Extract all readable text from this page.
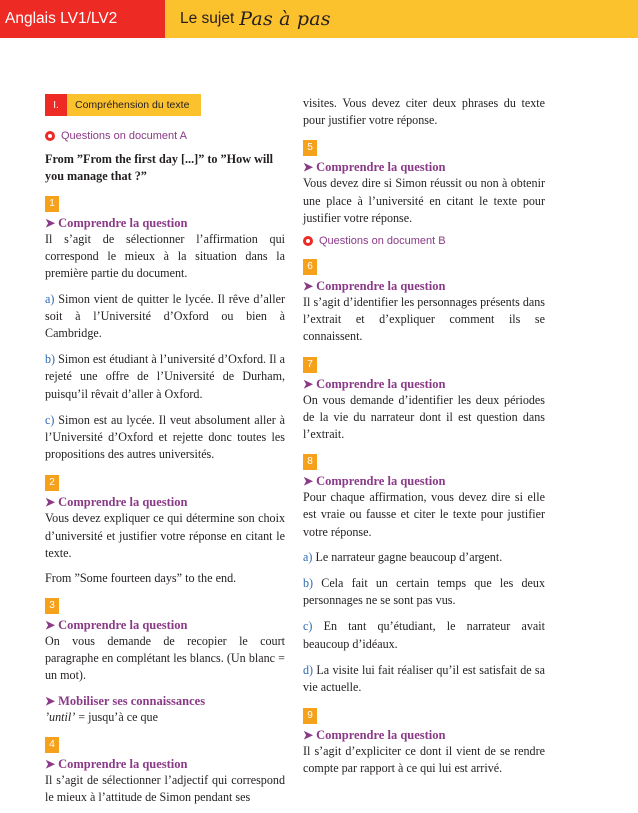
Anglais LV1/LV2	Le sujet Pas à pas
I.	Compréhension du texte
Questions on document A
From ”From the first day [...]” to ”How will you manage that ?”
1
➤ Comprendre la question
Il s’agit de sélectionner l’affirmation qui correspond le mieux à la situation dans la première partie du document.
a) Simon vient de quitter le lycée. Il rêve d’aller soit à l’Université d’Oxford ou bien à Cambridge.
b) Simon est étudiant à l’université d’Oxford. Il a rejeté une offre de l’Université de Durham, puisqu’il rêvait d’aller à Oxford.
c) Simon est au lycée. Il veut absolument aller à l’Université d’Oxford et rejette donc toutes les propositions des autres universités.
2
➤ Comprendre la question
Vous devez expliquer ce qui détermine son choix d’université et justifier votre réponse en citant le texte.
From ”Some fourteen days” to the end.
3
➤ Comprendre la question
On vous demande de recopier le court paragraphe en complétant les blancs. (Un blanc = un mot).
➤ Mobiliser ses connaissances
’until’ = jusqu’à ce que
4
➤ Comprendre la question
Il s’agit de sélectionner l’adjectif qui correspond le mieux à l’attitude de Simon pendant ses
visites. Vous devez citer deux phrases du texte pour justifier votre réponse.
5
➤ Comprendre la question
Vous devez dire si Simon réussit ou non à obtenir une place à l’université en citant le texte pour justifier votre réponse.
Questions on document B
6
➤ Comprendre la question
Il s’agit d’identifier les personnages présents dans l’extrait et d’expliquer comment ils se connaissent.
7
➤ Comprendre la question
On vous demande d’identifier les deux périodes de la vie du narrateur dont il est question dans l’extrait.
8
➤ Comprendre la question
Pour chaque affirmation, vous devez dire si elle est vraie ou fausse et citer le texte pour justifier votre réponse.
a) Le narrateur gagne beaucoup d’argent.
b) Cela fait un certain temps que les deux personnages ne se sont pas vus.
c) En tant qu’étudiant, le narrateur avait beaucoup d’idéaux.
d) La visite lui fait réaliser qu’il est satisfait de sa vie actuelle.
9
➤ Comprendre la question
Il s’agit d’expliciter ce dont il vient de se rendre compte par rapport à ce qui lui est arrivé.
